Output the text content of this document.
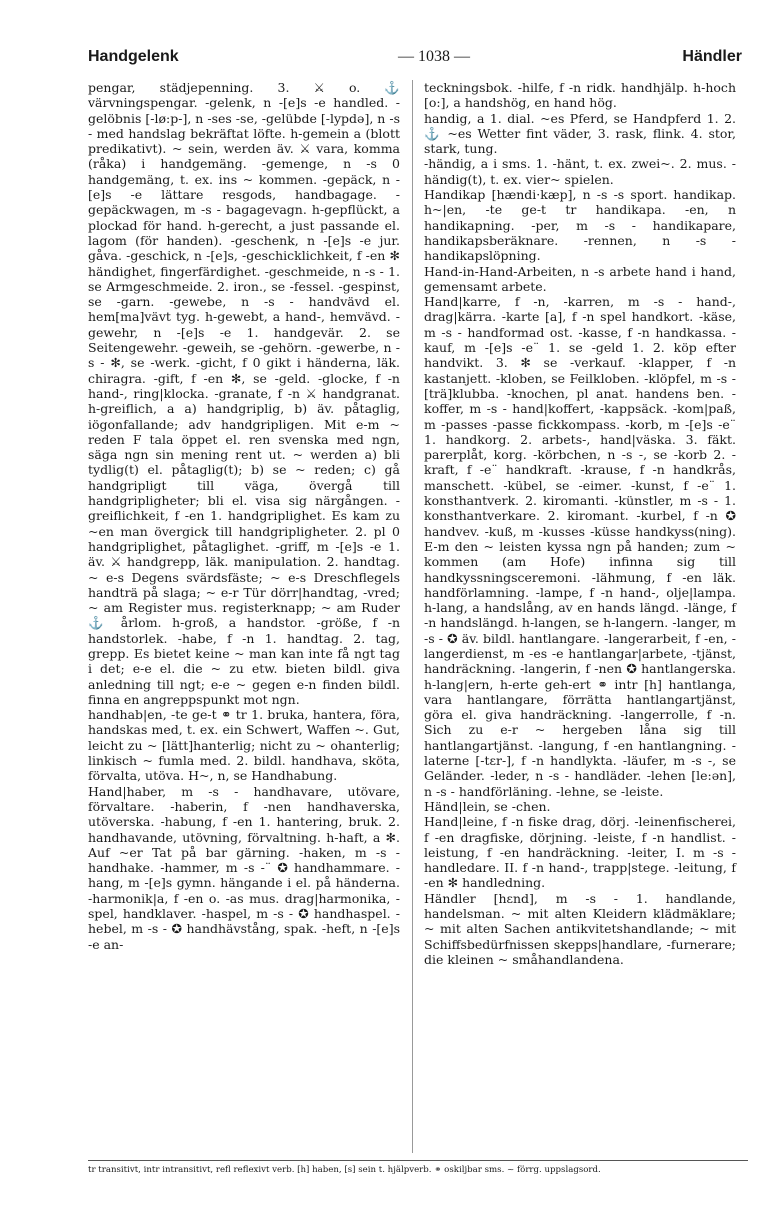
Handgelenk	— 1038 —	Händler

pengar, städjepenning. 3. ⚔ o. ⚓ värvningspengar. -gelenk, n -[e]s -e handled. -gelöbnis [-lø:p-], n -ses -se, -gelübde [-lypdə], n -s - med handslag bekräftat löfte. h-gemein a (blott predikativt). ~ sein, werden äv. ⚔ vara, komma (råka) i handgemäng. -gemenge, n -s 0 handgemäng, t. ex. ins ~ kommen. -gepäck, n -[e]s -e lättare resgods, handbagage. -gepäckwagen, m -s - bagagevagn. h-gepflückt, a plockad för hand. h-gerecht, a just passande el. lagom (för handen). -geschenk, n -[e]s -e jur. gåva. -geschick, n -[e]s, -geschicklichkeit, f -en ✻ händighet, fingerfärdighet. -geschmeide, n -s - 1. se Armgeschmeide. 2. iron., se -fessel. -gespinst, se -garn. -gewebe, n -s - handvävd el. hem[ma]vävt tyg. h-gewebt, a hand-, hemvävd. -gewehr, n -[e]s -e 1. handgevär. 2. se Seitengewehr. -geweih, se -gehörn. -gewerbe, n -s - ✻, se -werk. -gicht, f 0 gikt i händerna, läk. chiragra. -gift, f -en ✻, se -geld. -glocke, f -n hand-, ring|klocka. -granate, f -n ⚔ handgranat. h-greiflich, a a) handgriplig, b) äv. påtaglig, iögonfallande; adv handgripligen. Mit e-m ~ reden F tala öppet el. ren svenska med ngn, säga ngn sin mening rent ut. ~ werden a) bli tydlig(t) el. påtaglig(t); b) se ~ reden; c) gå handgripligt till väga, övergå till handgripligheter; bli el. visa sig närgången. -greiflichkeit, f -en 1. handgriplighet. Es kam zu ~en man övergick till handgripligheter. 2. pl 0 handgriplighet, påtaglighet. -griff, m -[e]s -e 1. äv. ⚔ handgrepp, läk. manipulation. 2. handtag. ~ e-s Degens svärdsfäste; ~ e-s Dreschflegels handträ på slaga; ~ e-r Tür dörr|handtag, -vred; ~ am Register mus. registerknapp; ~ am Ruder ⚓ årlom. h-groß, a handstor. -größe, f -n handstorlek. -habe, f -n 1. handtag. 2. tag, grepp. Es bietet keine ~ man kan inte få ngt tag i det; e-e el. die ~ zu etw. bieten bildl. giva anledning till ngt; e-e ~ gegen e-n finden bildl. finna en angreppspunkt mot ngn.

handhab|en, -te ge-t ⚭ tr 1. bruka, hantera, föra, handskas med, t. ex. ein Schwert, Waffen ~. Gut, leicht zu ~ [lätt]hanterlig; nicht zu ~ ohanterlig; linkisch ~ fumla med. 2. bildl. handhava, sköta, förvalta, utöva. H~, n, se Handhabung.

Hand|haber, m -s - handhavare, utövare, förvaltare. -haberin, f -nen handhaverska, utöverska. -habung, f -en 1. hantering, bruk. 2. handhavande, utövning, förvaltning. h-haft, a ✻. Auf ~er Tat på bar gärning. -haken, m -s - handhake. -hammer, m -s -¨ ✪ handhammare. -hang, m -[e]s gymn. hängande i el. på händerna. -harmonik|a, f -en o. -as mus. drag|harmonika, -spel, handklaver. -haspel, m -s - ✪ handhaspel. -hebel, m -s - ✪ handhävstång, spak. -heft, n -[e]s -e an-

teckningsbok. -hilfe, f -n ridk. handhjälp. h-hoch [o:], a handshög, en hand hög.

handig, a 1. dial. ~es Pferd, se Handpferd 1. 2. ⚓ ~es Wetter fint väder, 3. rask, flink. 4. stor, stark, tung.

-händig, a i sms. 1. -hänt, t. ex. zwei~. 2. mus. -händig(t), t. ex. vier~ spielen.

Handikap [hændi·kæp], n -s -s sport. handikap. h~|en, -te ge-t tr handikapa. -en, n handikapning. -per, m -s - handikapare, handikapsberäknare. -rennen, n -s - handikapslöpning.

Hand-in-Hand-Arbeiten, n -s arbete hand i hand, gemensamt arbete.

Hand|karre, f -n, -karren, m -s - hand-, drag|kärra. -karte [a], f -n spel handkort. -käse, m -s - handformad ost. -kasse, f -n handkassa. -kauf, m -[e]s -e¨ 1. se -geld 1. 2. köp efter handvikt. 3. ✻ se -verkauf. -klapper, f -n kastanjett. -kloben, se Feilkloben. -klöpfel, m -s - [trä]klubba. -knochen, pl anat. handens ben. -koffer, m -s - hand|koffert, -kappsäck. -kom|paß, m -passes -passe fickkompass. -korb, m -[e]s -e¨ 1. handkorg. 2. arbets-, hand|väska. 3. fäkt. parerplåt, korg. -körbchen, n -s -, se -korb 2. -kraft, f -e¨ handkraft. -krause, f -n handkrås, manschett. -kübel, se -eimer. -kunst, f -e¨ 1. konsthantverk. 2. kiromanti. -künstler, m -s - 1. konsthantverkare. 2. kiromant. -kurbel, f -n ✪ handvev. -kuß, m -kusses -küsse handkyss(ning). E-m den ~ leisten kyssa ngn på handen; zum ~ kommen (am Hofe) infinna sig till handkyssningsceremoni. -lähmung, f -en läk. handförlamning. -lampe, f -n hand-, olje|lampa. h-lang, a handslång, av en hands längd. -länge, f -n handslängd. h-langen, se h-langern. -langer, m -s - ✪ äv. bildl. hantlangare. -langerarbeit, f -en, -langerdienst, m -es -e hantlangar|arbete, -tjänst, handräckning. -langerin, f -nen ✪ hantlangerska. h-lang|ern, h-erte geh-ert ⚭ intr [h] hantlanga, vara hantlangare, förrätta hantlangartjänst, göra el. giva handräckning. -langerrolle, f -n. Sich zu e-r ~ hergeben låna sig till hantlangartjänst. -langung, f -en hantlangning. -laterne [-tɛr-], f -n handlykta. -läufer, m -s -, se Geländer. -leder, n -s - handläder. -lehen [le:ən], n -s - handförläning. -lehne, se -leiste.

Händ|lein, se -chen.

Hand|leine, f -n fiske drag, dörj. -leinenfischerei, f -en dragfiske, dörjning. -leiste, f -n handlist. -leistung, f -en handräckning. -leiter, I. m -s - handledare. II. f -n hand-, trapp|stege. -leitung, f -en ✻ handledning.

Händler [hɛnd], m -s - 1. handlande, handelsman. ~ mit alten Kleidern klädmäklare; ~ mit alten Sachen antikvitetshandlande; ~ mit Schiffsbedürfnissen skepps|handlare, -furnerare; die kleinen ~ småhandlandena.

tr transitivt, intr intransitivt, refl reflexivt verb. [h] haben, [s] sein t. hjälpverb. ⚭ oskiljbar sms. ~ förrg. uppslagsord.
